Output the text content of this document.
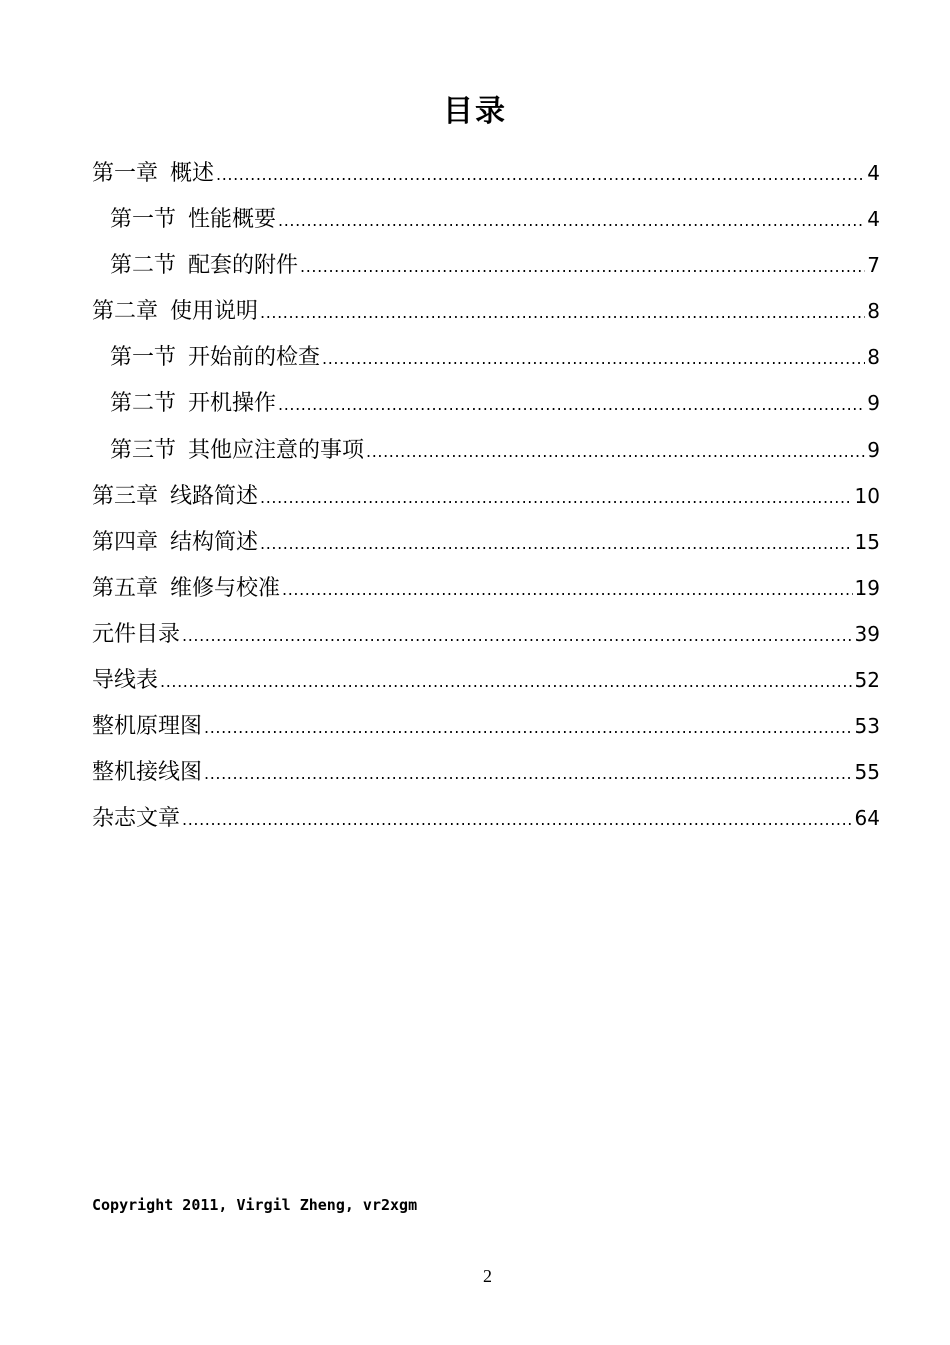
目录
第一章 概述 .....	4
第一节 性能概要 .....	4
第二节 配套的附件 .....	7
第二章 使用说明 .....	8
第一节 开始前的检查 .....	8
第二节 开机操作 .....	9
第三节 其他应注意的事项 .....	9
第三章 线路简述 .....	10
第四章 结构简述 .....	15
第五章 维修与校准 .....	19
元件目录 .....	39
导线表 .....	52
整机原理图 .....	53
整机接线图 .....	55
杂志文章 .....	64
Copyright 2011, Virgil Zheng, vr2xgm
2
